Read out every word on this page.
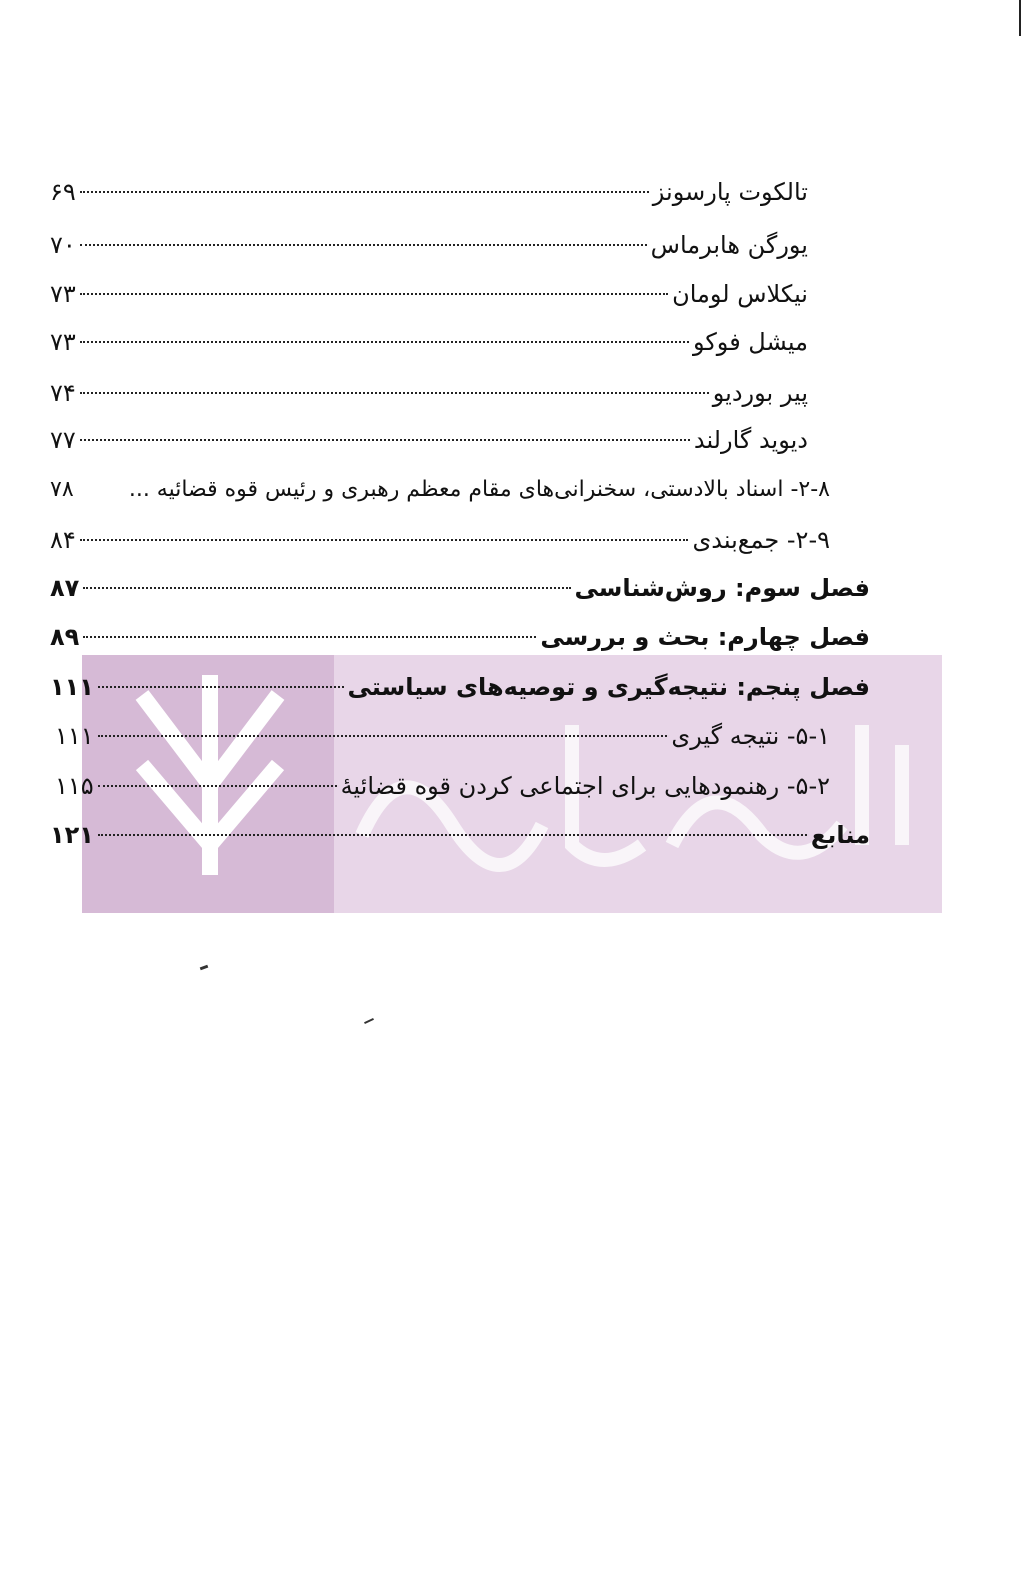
تالکوت پارسونز
۶۹
یورگن هابرماس
۷۰
نیکلاس لومان
۷۳
میشل فوکو
۷۳
پیر بوردیو
۷۴
دیوید گارلند
۷۷
۲-۸- اسناد بالادستی، سخنرانی‌های مقام معظم رهبری و رئیس قوه قضائیه ...
۷۸
۲-۹- جمع‌بندی
۸۴
فصل سوم: روش‌شناسی
۸۷
فصل چهارم: بحث و بررسی
۸۹
فصل پنجم: نتیجه‌گیری و توصیه‌های سیاستی
۱۱۱
۵-۱- نتیجه گیری
۱۱۱
۵-۲- رهنمودهایی برای اجتماعی کردن قوه قضائیهٔ
۱۱۵
منابع
۱۲۱
